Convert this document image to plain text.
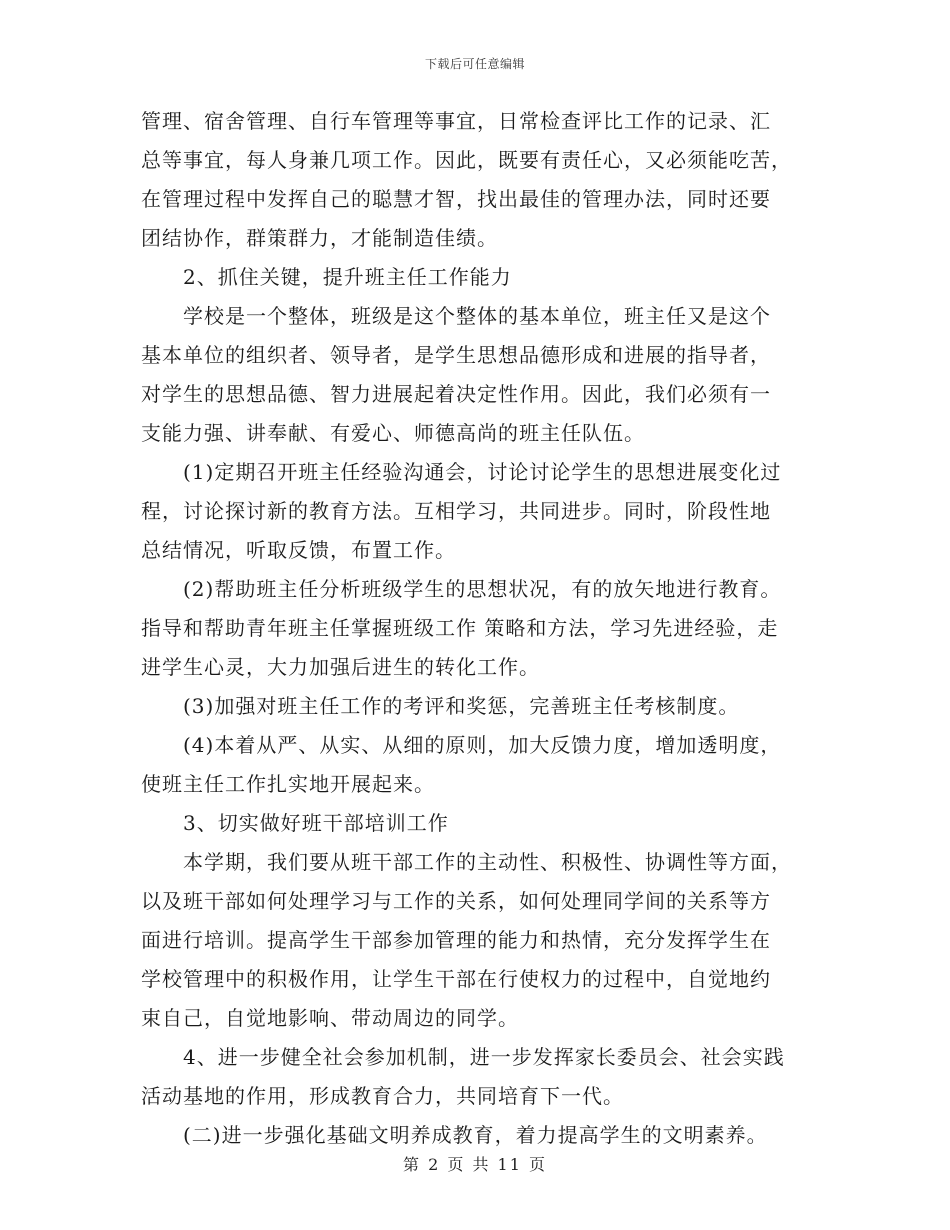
下载后可任意编辑
管理、宿舍管理、自行车管理等事宜，日常检查评比工作的记录、汇
总等事宜，每人身兼几项工作。因此，既要有责任心，又必须能吃苦，
在管理过程中发挥自己的聪慧才智，找出最佳的管理办法，同时还要
团结协作，群策群力，才能制造佳绩。
　　2、抓住关键，提升班主任工作能力
　　学校是一个整体，班级是这个整体的基本单位，班主任又是这个
基本单位的组织者、领导者，是学生思想品德形成和进展的指导者，
对学生的思想品德、智力进展起着决定性作用。因此，我们必须有一
支能力强、讲奉献、有爱心、师德高尚的班主任队伍。
　　(1)定期召开班主任经验沟通会，讨论讨论学生的思想进展变化过
程，讨论探讨新的教育方法。互相学习，共同进步。同时，阶段性地
总结情况，听取反馈，布置工作。
　　(2)帮助班主任分析班级学生的思想状况，有的放矢地进行教育。
指导和帮助青年班主任掌握班级工作 策略和方法，学习先进经验，走
进学生心灵，大力加强后进生的转化工作。
　　(3)加强对班主任工作的考评和奖惩，完善班主任考核制度。
　　(4)本着从严、从实、从细的原则，加大反馈力度，增加透明度，
使班主任工作扎实地开展起来。
　　3、切实做好班干部培训工作
　　本学期，我们要从班干部工作的主动性、积极性、协调性等方面，
以及班干部如何处理学习与工作的关系，如何处理同学间的关系等方
面进行培训。提高学生干部参加管理的能力和热情，充分发挥学生在
学校管理中的积极作用，让学生干部在行使权力的过程中，自觉地约
束自己，自觉地影响、带动周边的同学。
　　4、进一步健全社会参加机制，进一步发挥家长委员会、社会实践
活动基地的作用，形成教育合力，共同培育下一代。
　　(二)进一步强化基础文明养成教育，着力提高学生的文明素养。
第 2 页 共 11 页
